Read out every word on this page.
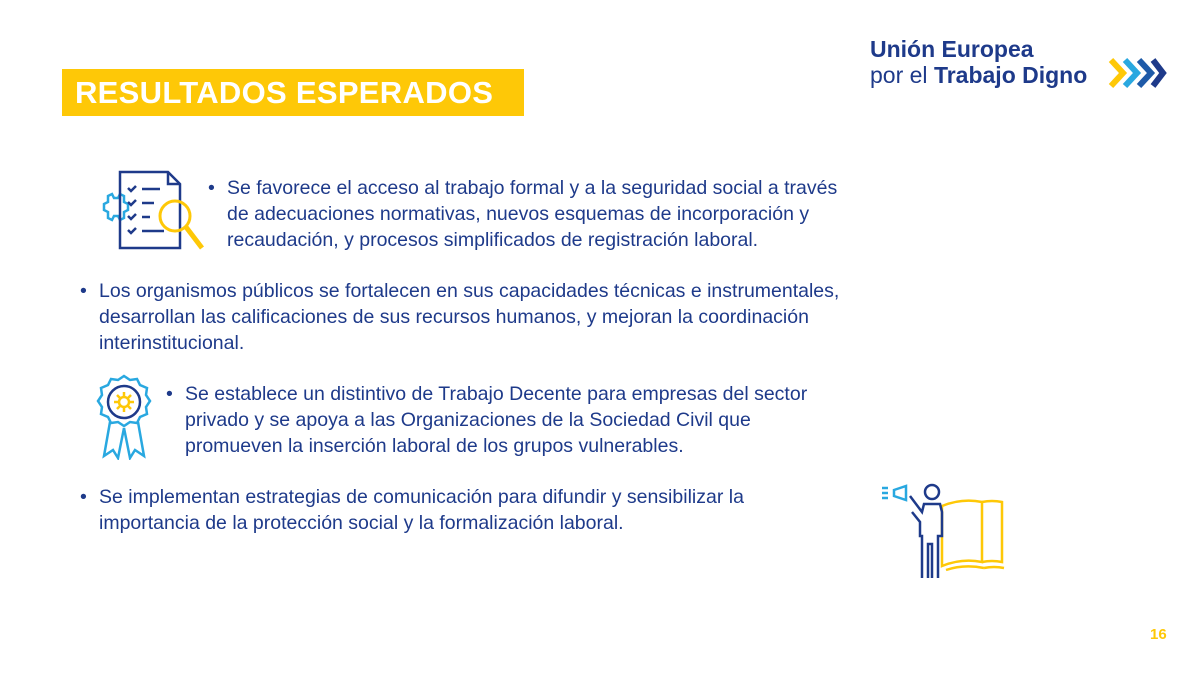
RESULTADOS ESPERADOS
Unión Europea
por el Trabajo Digno
• Se favorece el acceso al trabajo formal y a la seguridad social a través
de adecuaciones normativas, nuevos esquemas de incorporación y
recaudación, y procesos simplificados de registración laboral.
• Los organismos públicos se fortalecen en sus capacidades técnicas e instrumentales,
desarrollan las calificaciones de sus recursos humanos, y mejoran la coordinación
interinstitucional.
• Se establece un distintivo de Trabajo Decente para empresas del sector
privado y se apoya a las Organizaciones de la Sociedad Civil que
promueven la inserción laboral de los grupos vulnerables.
• Se implementan estrategias de comunicación para difundir y sensibilizar la
importancia de la protección social y la formalización laboral.
16
